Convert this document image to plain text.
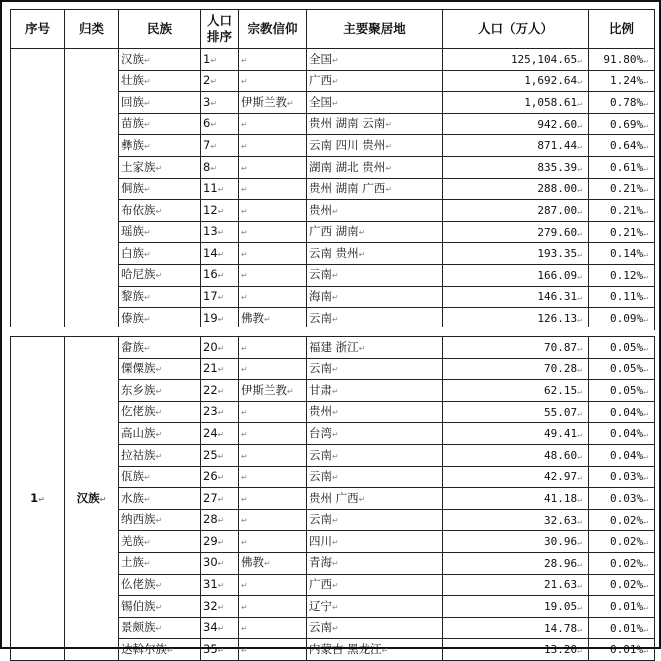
序号	归类	民族	人口
排序	宗教信仰	主要聚居地	人口（万人）	比例
		汉族↵	1↵	↵	全国↵	125,104.65↵	91.80%↵
		壮族↵	2↵	↵	广西↵	1,692.64↵	1.24%↵
		回族↵	3↵	伊斯兰教↵	全国↵	1,058.61↵	0.78%↵
		苗族↵	6↵	↵	贵州 湖南 云南↵	942.60↵	0.69%↵
		彝族↵	7↵	↵	云南 四川 贵州↵	871.44↵	0.64%↵
		土家族↵	8↵	↵	湖南 湖北 贵州↵	835.39↵	0.61%↵
		侗族↵	11↵	↵	贵州 湖南 广西↵	288.00↵	0.21%↵
		布依族↵	12↵	↵	贵州↵	287.00↵	0.21%↵
		瑶族↵	13↵	↵	广西 湖南↵	279.60↵	0.21%↵
		白族↵	14↵	↵	云南 贵州↵	193.35↵	0.14%↵
		哈尼族↵	16↵	↵	云南↵	166.09↵	0.12%↵
		黎族↵	17↵	↵	海南↵	146.31↵	0.11%↵
		傣族↵	19↵	佛教↵	云南↵	126.13↵	0.09%↵
1↵	汉族↵	畲族↵	20↵	↵	福建 浙江↵	70.87↵	0.05%↵
		傈僳族↵	21↵	↵	云南↵	70.28↵	0.05%↵
		东乡族↵	22↵	伊斯兰教↵	甘肃↵	62.15↵	0.05%↵
		仡佬族↵	23↵	↵	贵州↵	55.07↵	0.04%↵
		高山族↵	24↵	↵	台湾↵	49.41↵	0.04%↵
		拉祜族↵	25↵	↵	云南↵	48.60↵	0.04%↵
		佤族↵	26↵	↵	云南↵	42.97↵	0.03%↵
		水族↵	27↵	↵	贵州 广西↵	41.18↵	0.03%↵
		纳西族↵	28↵	↵	云南↵	32.63↵	0.02%↵
		羌族↵	29↵	↵	四川↵	30.96↵	0.02%↵
		土族↵	30↵	佛教↵	青海↵	28.96↵	0.02%↵
		仫佬族↵	31↵	↵	广西↵	21.63↵	0.02%↵
		锡伯族↵	32↵	↵	辽宁↵	19.05↵	0.01%↵
		景颇族↵	34↵	↵	云南↵	14.78↵	0.01%↵
		达斡尔族↵	35↵	↵	内蒙古 黑龙江↵	13.20↵	0.01%↵
